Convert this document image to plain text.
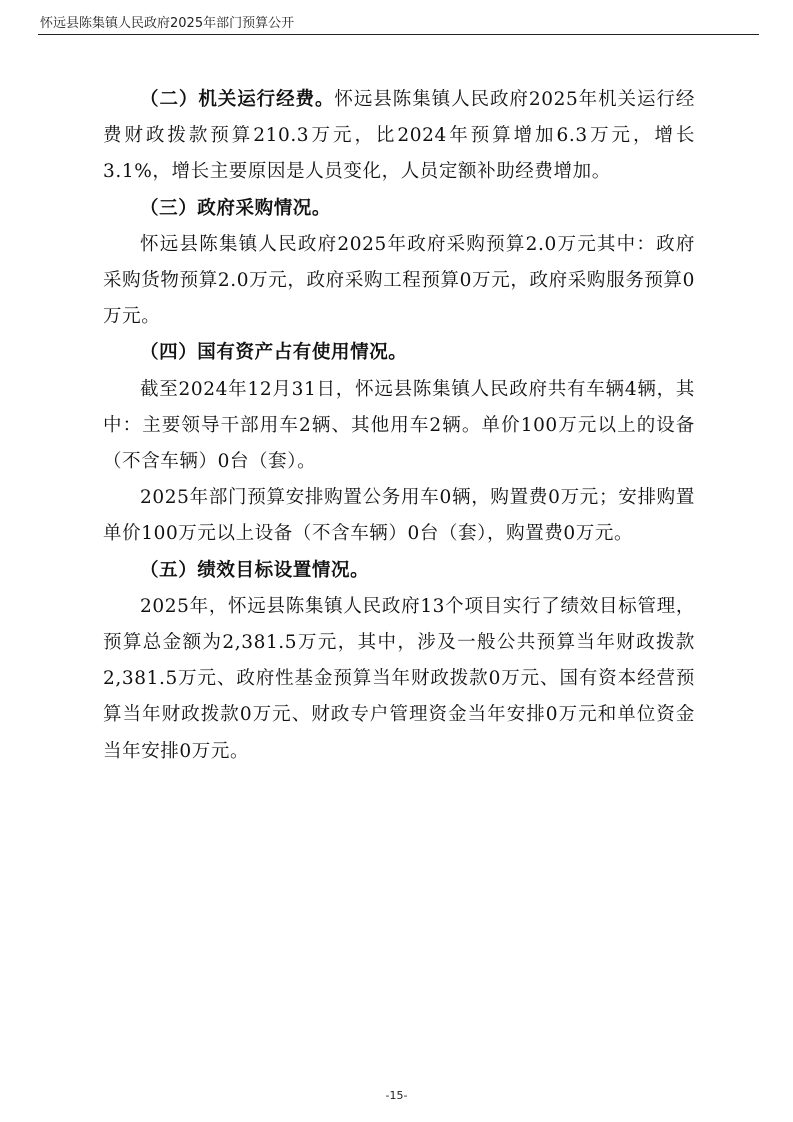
怀远县陈集镇人民政府2025年部门预算公开

（二）机关运行经费。怀远县陈集镇人民政府2025年机关运行经费财政拨款预算210.3万元，比2024年预算增加6.3万元，增长3.1%，增长主要原因是人员变化，人员定额补助经费增加。

（三）政府采购情况。

怀远县陈集镇人民政府2025年政府采购预算2.0万元其中：政府采购货物预算2.0万元，政府采购工程预算0万元，政府采购服务预算0万元。

（四）国有资产占有使用情况。

截至2024年12月31日，怀远县陈集镇人民政府共有车辆4辆，其中：主要领导干部用车2辆、其他用车2辆。单价100万元以上的设备（不含车辆）0台（套）。

2025年部门预算安排购置公务用车0辆，购置费0万元；安排购置单价100万元以上设备（不含车辆）0台（套），购置费0万元。

（五）绩效目标设置情况。

2025年，怀远县陈集镇人民政府13个项目实行了绩效目标管理，预算总金额为2,381.5万元，其中，涉及一般公共预算当年财政拨款2,381.5万元、政府性基金预算当年财政拨款0万元、国有资本经营预算当年财政拨款0万元、财政专户管理资金当年安排0万元和单位资金当年安排0万元。

-15-
